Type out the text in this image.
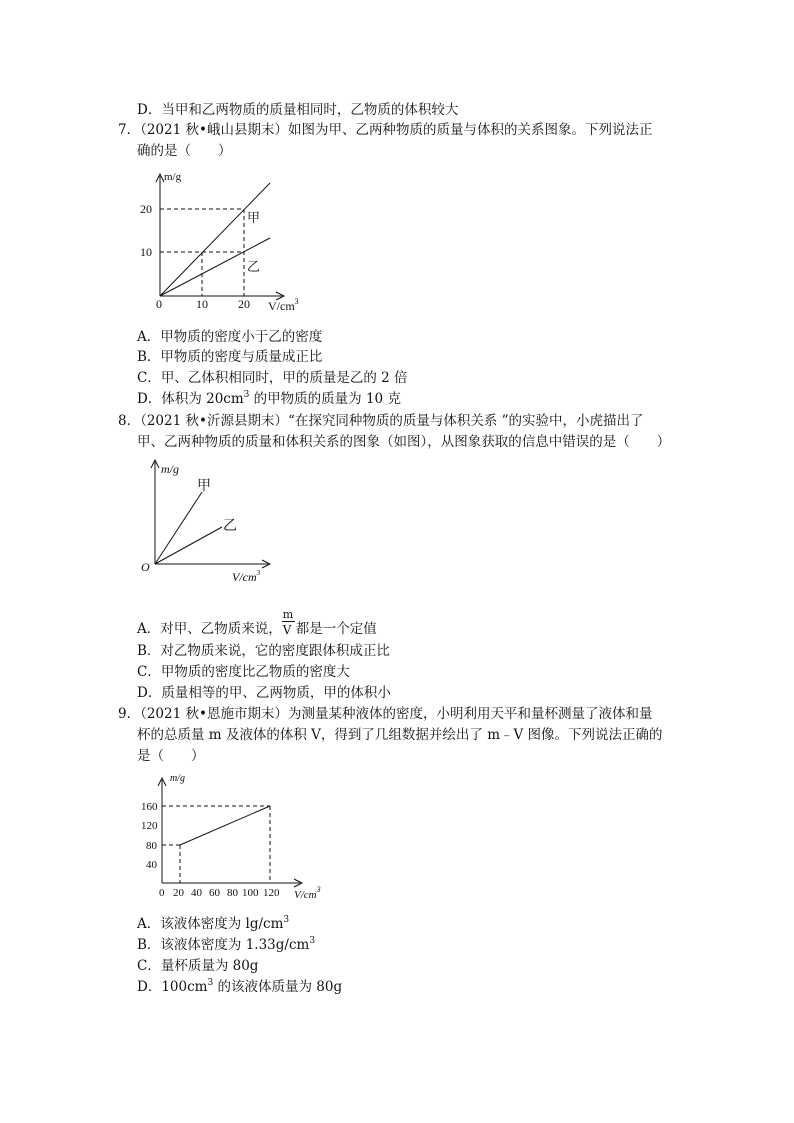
D．当甲和乙两物质的质量相同时，乙物质的体积较大
7．（2021 秋•峨山县期末）如图为甲、乙两种物质的质量与体积的关系图象。下列说法正
确的是（　　）
m/g
20
10
0	10	20 $V/cm^3$
甲
乙
A．甲物质的密度小于乙的密度
B．甲物质的密度与质量成正比
C．甲、乙体积相同时，甲的质量是乙的 2 倍
D．体积为 $20cm^3$ 的甲物质的质量为 10 克
8．（2021 秋•沂源县期末）“在探究同种物质的质量与体积关系 ”的实验中，小虎描出了
甲、乙两种物质的质量和体积关系的图象（如图），从图象获取的信息中错误的是（　　）
m/g
O
$V/cm^3$
甲
乙
A．对甲、乙物质来说， $\frac{m}{V}$ 都是一个定值
B．对乙物质来说，它的密度跟体积成正比
C．甲物质的密度比乙物质的密度大
D．质量相等的甲、乙两物质，甲的体积小
9．（2021 秋•恩施市期末）为测量某种液体的密度，小明利用天平和量杯测量了液体和量
杯的总质量 m 及液体的体积 V，得到了几组数据并绘出了 m﹣V 图像。下列说法正确的
是（　　）
m/g
160
120
80
40
0 20 40 60 80 100 120 $V/cm^3$
A．该液体密度为 $\lg/cm^3$
B．该液体密度为 $1.33g/cm^3$
C．量杯质量为 80g
D．$100cm^3$ 的该液体质量为 80g
